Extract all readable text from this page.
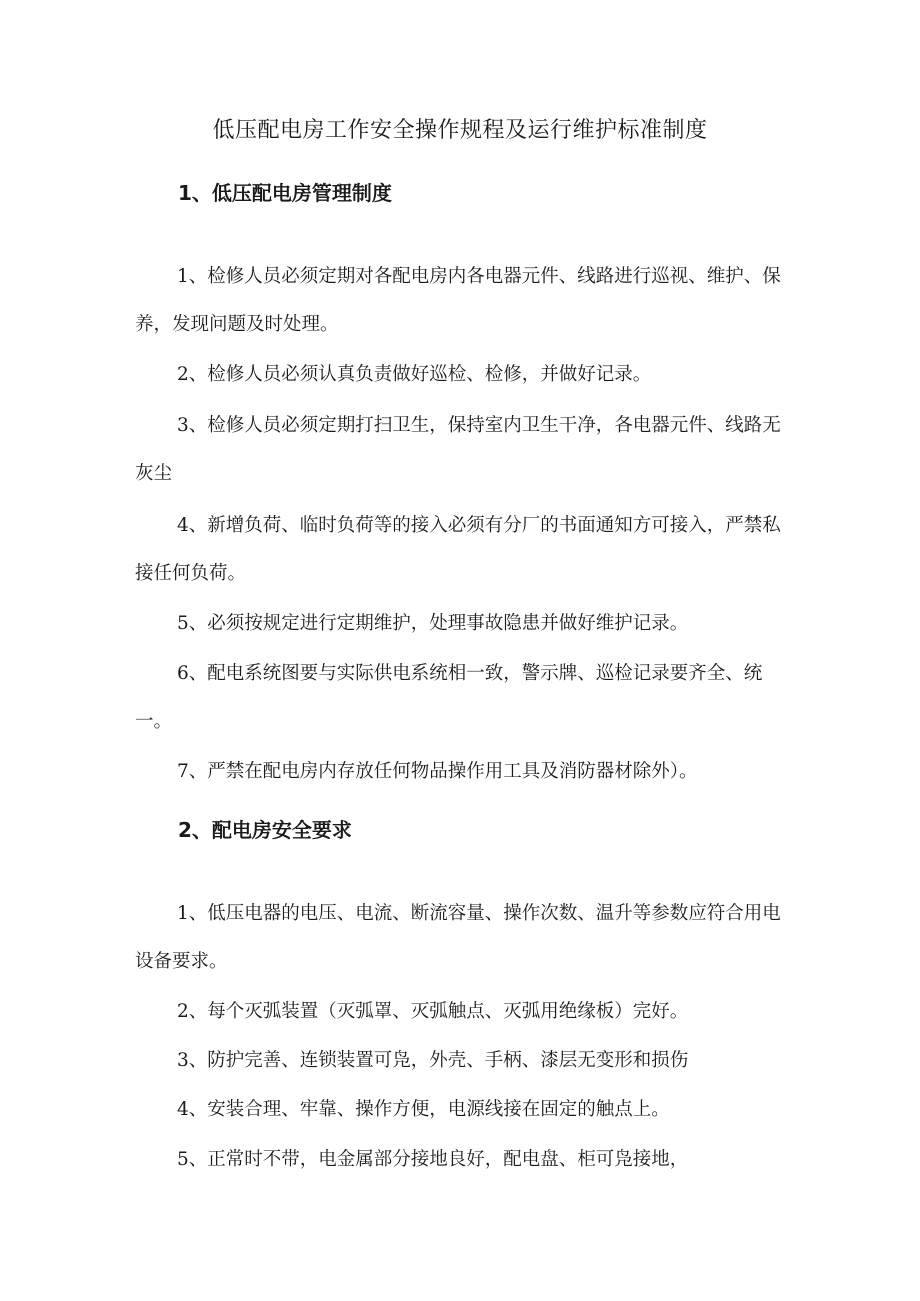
低压配电房工作安全操作规程及运行维护标准制度
1、低压配电房管理制度
1、检修人员必须定期对各配电房内各电器元件、线路进行巡视、维护、保养，发现问题及时处理。
2、检修人员必须认真负责做好巡检、检修，并做好记录。
3、检修人员必须定期打扫卫生，保持室内卫生干净，各电器元件、线路无灰尘
4、新增负荷、临时负荷等的接入必须有分厂的书面通知方可接入，严禁私接任何负荷。
5、必须按规定进行定期维护，处理事故隐患并做好维护记录。
6、配电系统图要与实际供电系统相一致，警示牌、巡检记录要齐全、统一。
7、严禁在配电房内存放任何物品操作用工具及消防器材除外）。
2、配电房安全要求
1、低压电器的电压、电流、断流容量、操作次数、温升等参数应符合用电设备要求。
2、每个灭弧装置（灭弧罩、灭弧触点、灭弧用绝缘板）完好。
3、防护完善、连锁装置可凫，外壳、手柄、漆层无变形和损伤
4、安装合理、牢靠、操作方便，电源线接在固定的触点上。
5、正常时不带，电金属部分接地良好，配电盘、柜可凫接地，
